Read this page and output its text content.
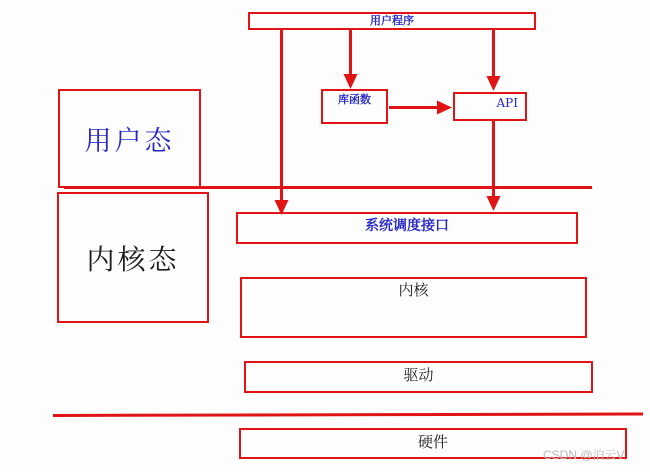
用户程序
库函数	API
用户态
内核态
系统调度接口
内核
驱动
硬件
CSDN @泊云V
